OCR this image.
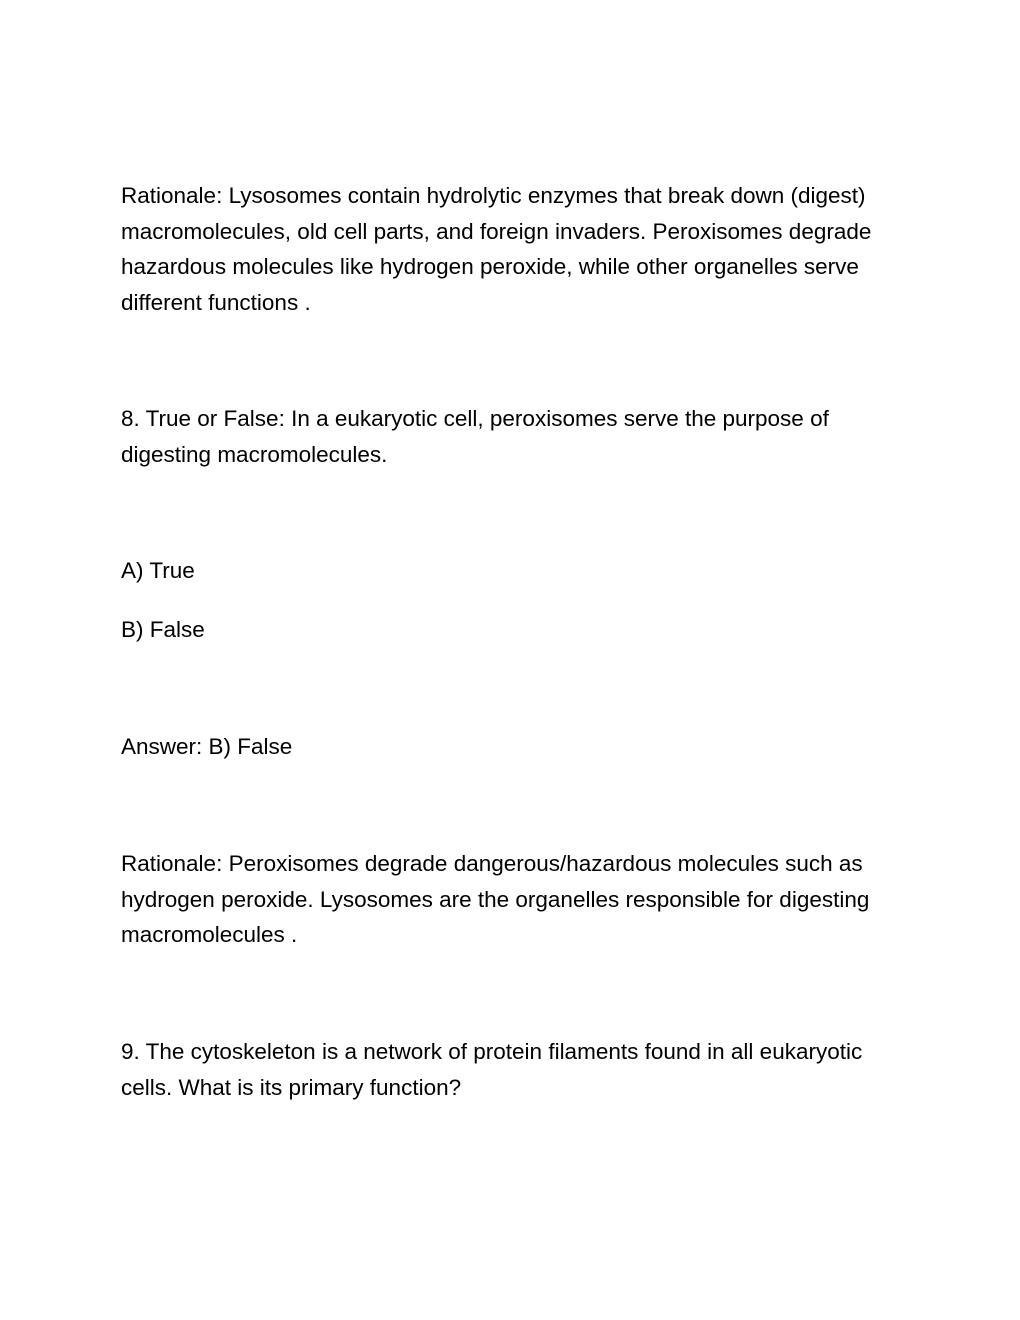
Rationale: Lysosomes contain hydrolytic enzymes that break down (digest) macromolecules, old cell parts, and foreign invaders. Peroxisomes degrade hazardous molecules like hydrogen peroxide, while other organelles serve different functions .

8. True or False: In a eukaryotic cell, peroxisomes serve the purpose of digesting macromolecules.

A) True

B) False

Answer: B) False

Rationale: Peroxisomes degrade dangerous/hazardous molecules such as hydrogen peroxide. Lysosomes are the organelles responsible for digesting macromolecules .

9. The cytoskeleton is a network of protein filaments found in all eukaryotic cells. What is its primary function?
